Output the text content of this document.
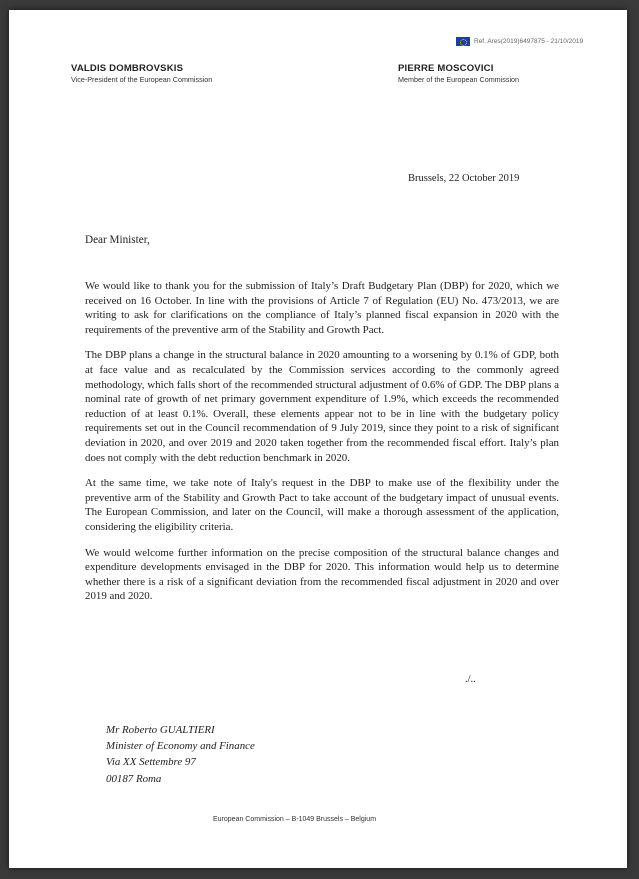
Ref. Ares(2019)6497875 - 21/10/2019
VALDIS DOMBROVSKIS
Vice-President of the European Commission
PIERRE MOSCOVICI
Member of the European Commission
Brussels, 22 October 2019
Dear Minister,

We would like to thank you for the submission of Italy’s Draft Budgetary Plan (DBP) for 2020, which we received on 16 October. In line with the provisions of Article 7 of Regulation (EU) No. 473/2013, we are writing to ask for clarifications on the compliance of Italy’s planned fiscal expansion in 2020 with the requirements of the preventive arm of the Stability and Growth Pact.

The DBP plans a change in the structural balance in 2020 amounting to a worsening by 0.1% of GDP, both at face value and as recalculated by the Commission services according to the commonly agreed methodology, which falls short of the recommended structural adjustment of 0.6% of GDP. The DBP plans a nominal rate of growth of net primary government expenditure of 1.9%, which exceeds the recommended reduction of at least 0.1%. Overall, these elements appear not to be in line with the budgetary policy requirements set out in the Council recommendation of 9 July 2019, since they point to a risk of significant deviation in 2020, and over 2019 and 2020 taken together from the recommended fiscal effort. Italy’s plan does not comply with the debt reduction benchmark in 2020.

At the same time, we take note of Italy's request in the DBP to make use of the flexibility under the preventive arm of the Stability and Growth Pact to take account of the budgetary impact of unusual events. The European Commission, and later on the Council, will make a thorough assessment of the application, considering the eligibility criteria.

We would welcome further information on the precise composition of the structural balance changes and expenditure developments envisaged in the DBP for 2020. This information would help us to determine whether there is a risk of a significant deviation from the recommended fiscal adjustment in 2020 and over 2019 and 2020.

./..
Mr Roberto GUALTIERI
Minister of Economy and Finance
Via XX Settembre 97
00187 Roma
European Commission – B-1049 Brussels – Belgium
